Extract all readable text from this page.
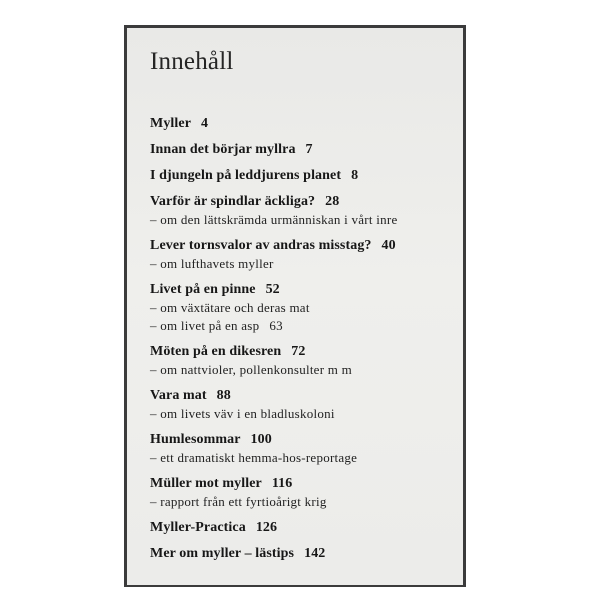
Innehåll
Myller 4
Innan det börjar myllra 7
I djungeln på leddjurens planet 8
Varför är spindlar äckliga? 28
– om den lättskrämda urmänniskan i vårt inre
Lever tornsvalor av andras misstag? 40
– om lufthavets myller
Livet på en pinne 52
– om växtätare och deras mat
– om livet på en asp 63
Möten på en dikesren 72
– om nattvioler, pollenkonsulter m m
Vara mat 88
– om livets väv i en bladluskoloni
Humlesommar 100
– ett dramatiskt hemma-hos-reportage
Müller mot myller 116
– rapport från ett fyrtioårigt krig
Myller-Practica 126
Mer om myller – lästips 142
